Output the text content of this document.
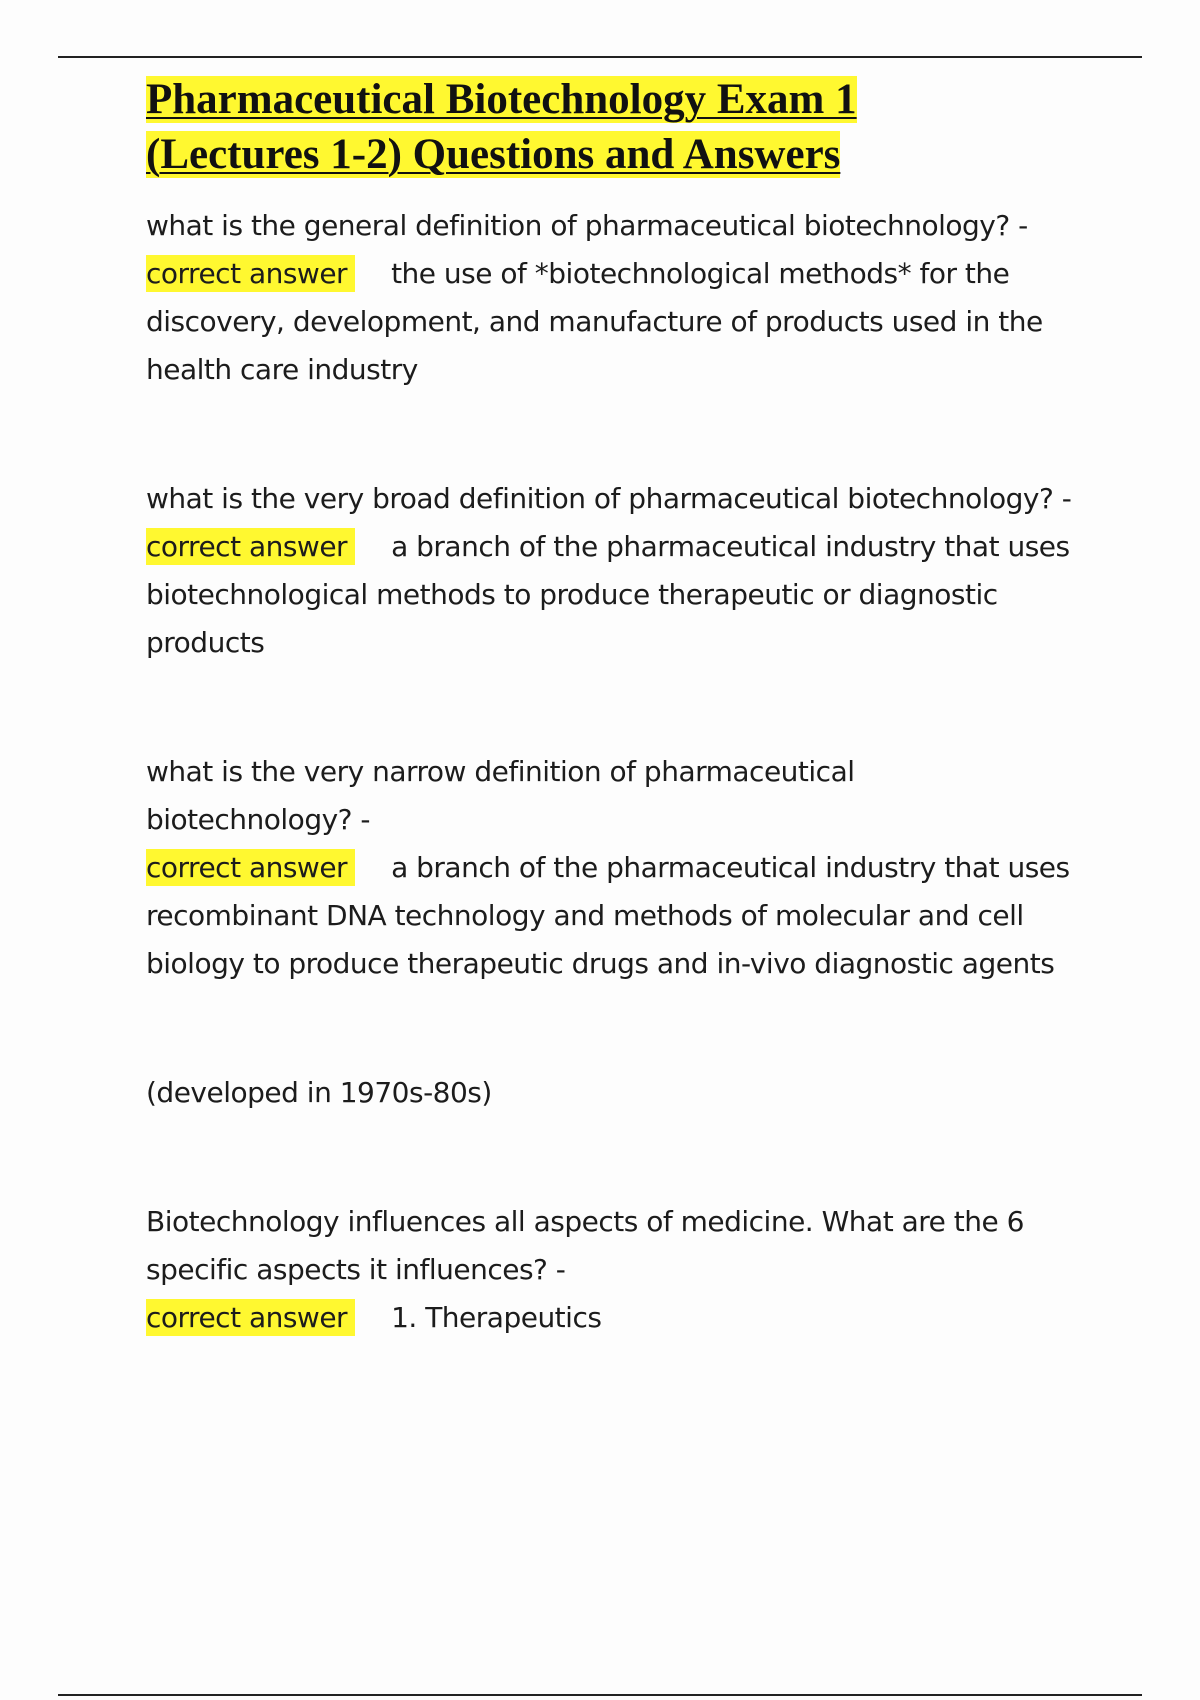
Pharmaceutical Biotechnology Exam 1
(Lectures 1-2) Questions and Answers

what is the general definition of pharmaceutical biotechnology? -

correct answer the use of *biotechnological methods* for the discovery, development, and manufacture of products used in the health care industry

what is the very broad definition of pharmaceutical biotechnology? -

correct answer a branch of the pharmaceutical industry that uses biotechnological methods to produce therapeutic or diagnostic products

what is the very narrow definition of pharmaceutical biotechnology? -

correct answer a branch of the pharmaceutical industry that uses recombinant DNA technology and methods of molecular and cell biology to produce therapeutic drugs and in-vivo diagnostic agents

(developed in 1970s-80s)

Biotechnology influences all aspects of medicine. What are the 6 specific aspects it influences? -

correct answer 1. Therapeutics
